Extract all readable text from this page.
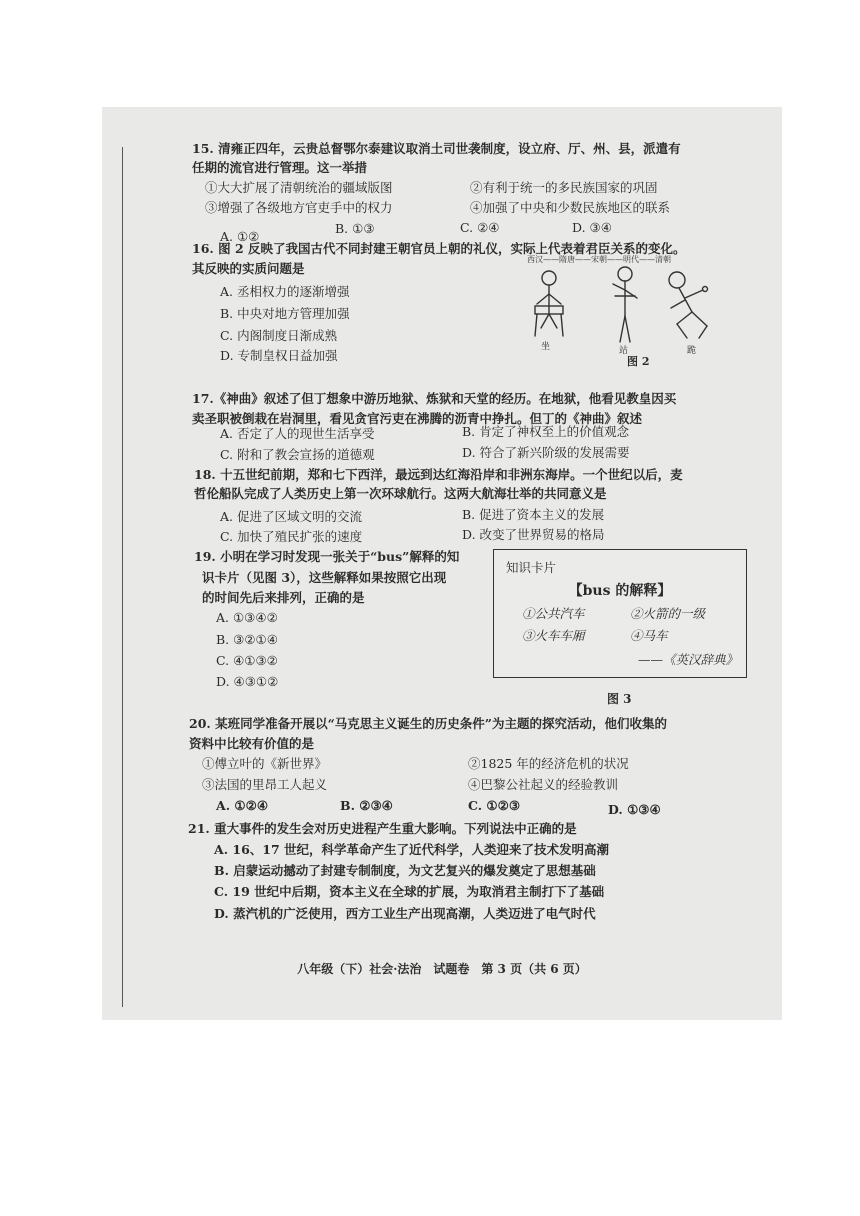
15. 清雍正四年，云贵总督鄂尔泰建议取消土司世袭制度，设立府、厅、州、县，派遣有
任期的流官进行管理。这一举措
①大大扩展了清朝统治的疆域版图	②有利于统一的多民族国家的巩固
③增强了各级地方官吏手中的权力	④加强了中央和少数民族地区的联系
A. ①②
B. ①③	C. ②④	D. ③④
16. 图 2 反映了我国古代不同封建王朝官员上朝的礼仪，实际上代表着君臣关系的变化。
其反映的实质问题是
A. 丞相权力的逐渐增强
B. 中央对地方管理加强
C. 内阁制度日渐成熟
D. 专制皇权日益加强
西汉——隋唐——宋朝——明代——清朝
坐	站	跪
图 2
17.《神曲》叙述了但丁想象中游历地狱、炼狱和天堂的经历。在地狱，他看见教皇因买
卖圣职被倒栽在岩洞里，看见贪官污吏在沸腾的沥青中挣扎。但丁的《神曲》叙述
A. 否定了人的现世生活享受	B. 肯定了神权至上的价值观念
C. 附和了教会宣扬的道德观	D. 符合了新兴阶级的发展需要
18. 十五世纪前期，郑和七下西洋，最远到达红海沿岸和非洲东海岸。一个世纪以后，麦
哲伦船队完成了人类历史上第一次环球航行。这两大航海壮举的共同意义是
A. 促进了区域文明的交流	B. 促进了资本主义的发展
C. 加快了殖民扩张的速度	D. 改变了世界贸易的格局
19. 小明在学习时发现一张关于“bus”解释的知
识卡片（见图 3），这些解释如果按照它出现
的时间先后来排列，正确的是
A. ①③④②
B. ③②①④
C. ④①③②
D. ④③①②
知识卡片
【bus 的解释】
①公共汽车	②火箭的一级
③火车车厢	④马车
——《英汉辞典》
图 3
20. 某班同学准备开展以“马克思主义诞生的历史条件”为主题的探究活动，他们收集的
资料中比较有价值的是
①傅立叶的《新世界》	②1825 年的经济危机的状况
③法国的里昂工人起义	④巴黎公社起义的经验教训
A. ①②④	B. ②③④	C. ①②③	D. ①③④
21. 重大事件的发生会对历史进程产生重大影响。下列说法中正确的是
A. 16、17 世纪，科学革命产生了近代科学，人类迎来了技术发明高潮
B. 启蒙运动撼动了封建专制制度，为文艺复兴的爆发奠定了思想基础
C. 19 世纪中后期，资本主义在全球的扩展，为取消君主制打下了基础
D. 蒸汽机的广泛使用，西方工业生产出现高潮，人类迈进了电气时代
八年级（下）社会·法治　试题卷　第 3 页（共 6 页）
